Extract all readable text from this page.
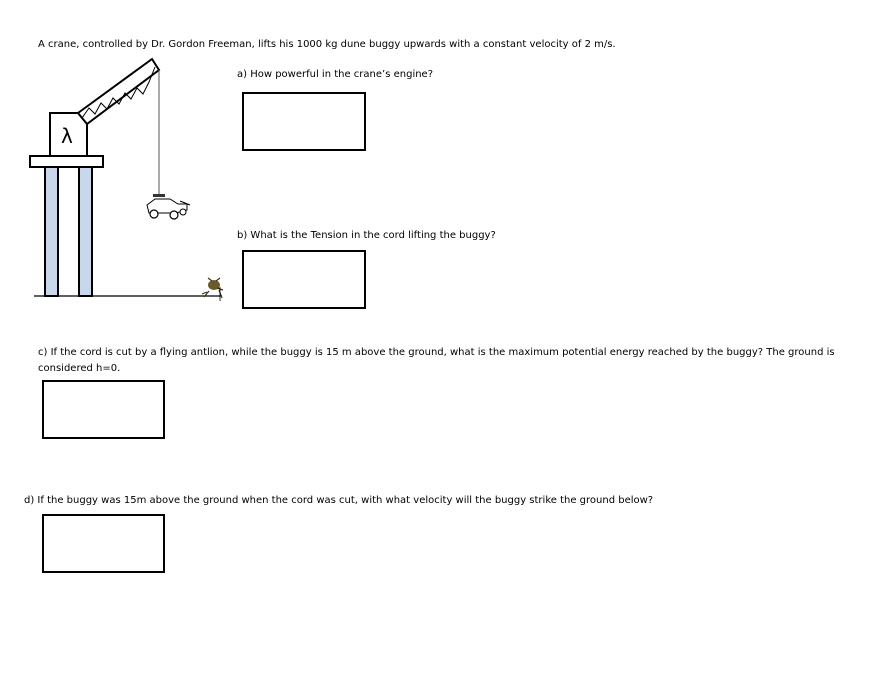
λ
A crane, controlled by Dr. Gordon Freeman, lifts his 1000 kg dune buggy upwards with a constant velocity of 2 m/s.
a) How powerful in the crane’s engine?
b) What is the Tension in the cord lifting the buggy?
c) If the cord is cut by a flying antlion, while the buggy is 15 m above the ground, what is the maximum potential energy reached by the buggy? The ground is considered h=0.
d) If the buggy was 15m above the ground when the cord was cut, with what velocity will the buggy strike the ground below?
